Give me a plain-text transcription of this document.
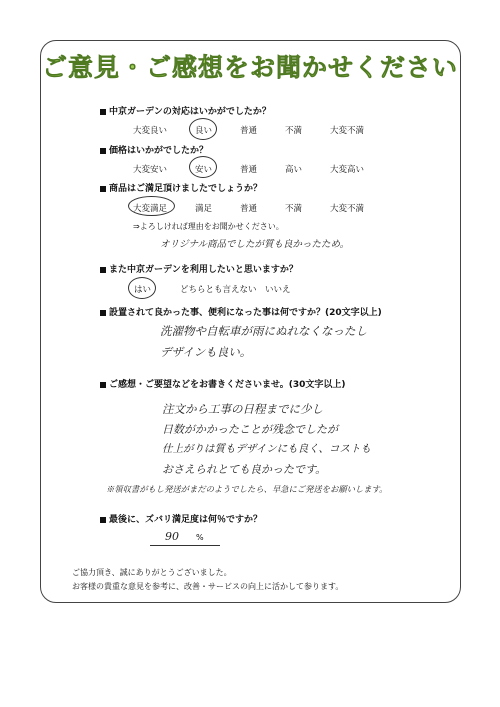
ご意見・ご感想をお聞かせください
中京ガーデンの対応はいかがでしたか？
大変良い	良い	普通	不満	大変不満
価格はいかがでしたか？
大変安い	安い	普通	高い	大変高い
商品はご満足頂けましたでしょうか？
大変満足	満足	普通	不満	大変不満
⇒よろしければ理由をお聞かせください。
オリジナル商品でしたが質も良かったため。
また中京ガーデンを利用したいと思いますか？
はい	どちらとも言えない いいえ
設置されて良かった事、便利になった事は何ですか？(20文字以上)
洗濯物や自転車が雨にぬれなくなったし
デザインも良い。
ご感想・ご要望などをお書きくださいませ。(30文字以上)
注文から工事の日程までに少し
日数がかかったことが残念でしたが
仕上がりは質もデザインにも良く、コストも
おさえられとても良かったです。
※領収書がもし発送がまだのようでしたら、早急にご発送をお願いします。
最後に、ズバリ満足度は何％ですか？
90 %
ご協力頂き、誠にありがとうございました。
お客様の貴重な意見を参考に、改善・サービスの向上に活かして参ります。
